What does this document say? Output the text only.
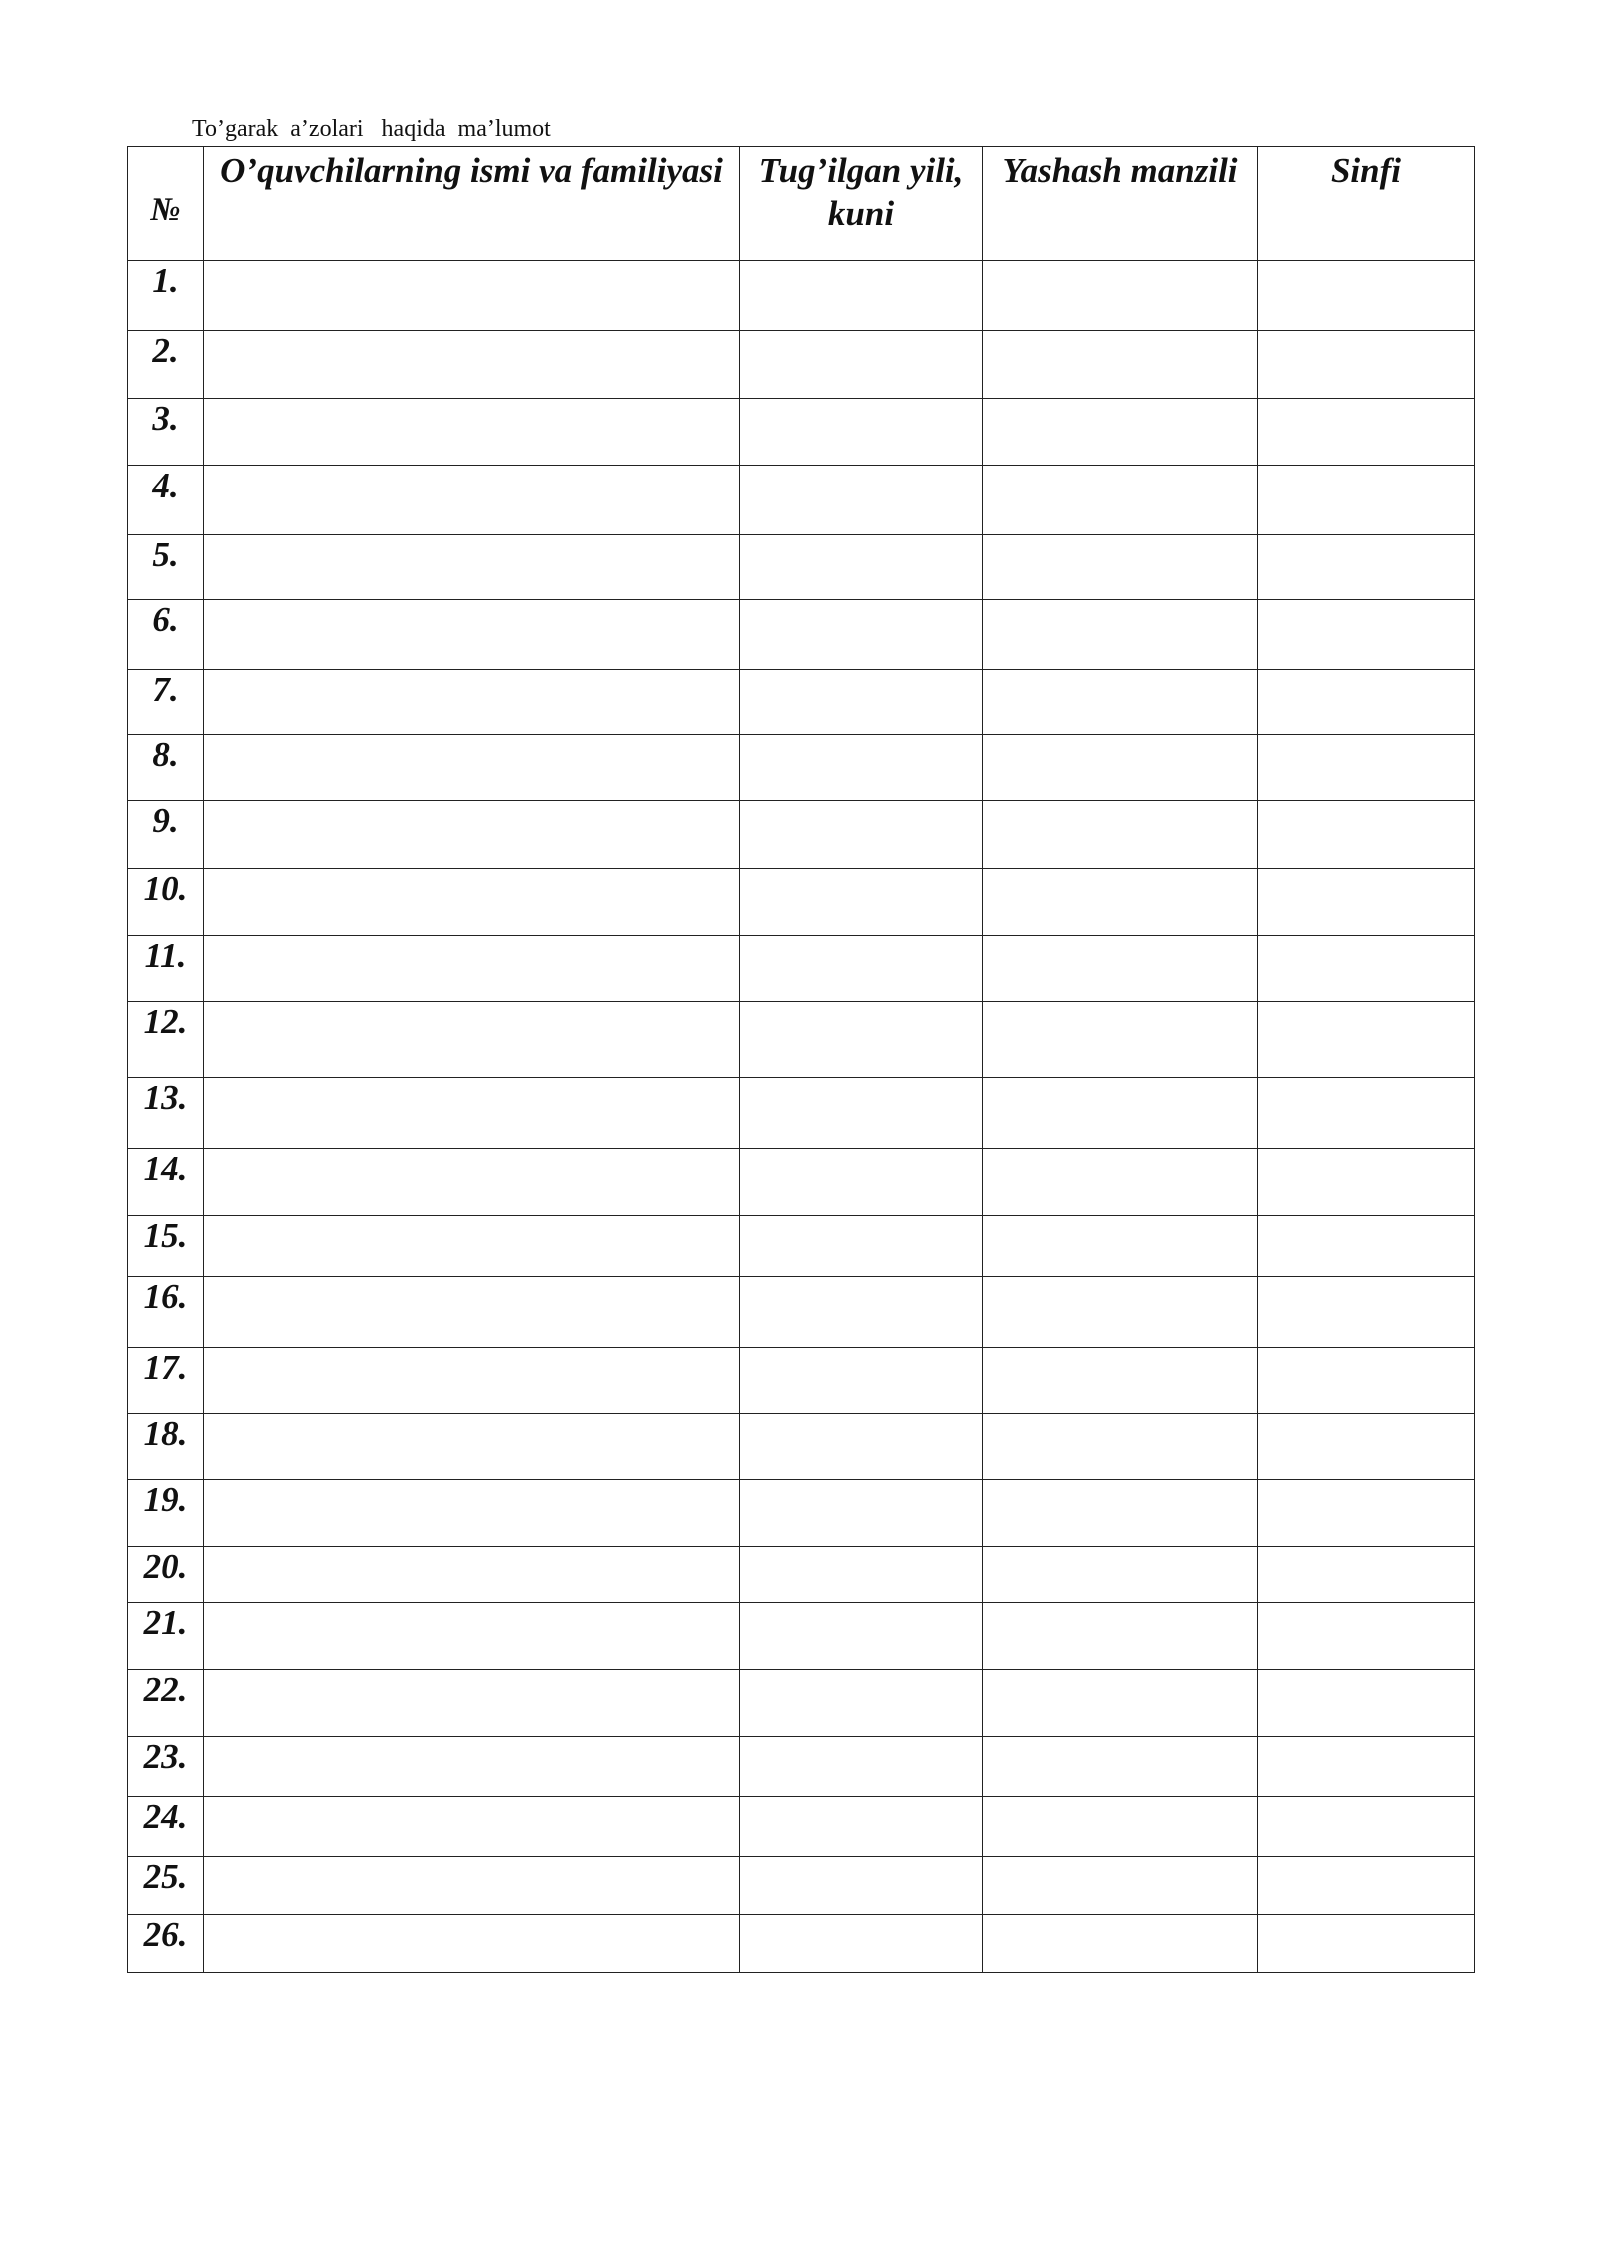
To’garak  a’zolari   haqida  ma’lumot
№	O’quvchilarning ismi va familiyasi	Tug’ilgan yili, kuni	Yashash manzili	Sinfi
1.				
2.				
3.				
4.				
5.				
6.				
7.				
8.				
9.				
10.				
11.				
12.				
13.				
14.				
15.				
16.				
17.				
18.				
19.				
20.				
21.				
22.				
23.				
24.				
25.				
26.				
